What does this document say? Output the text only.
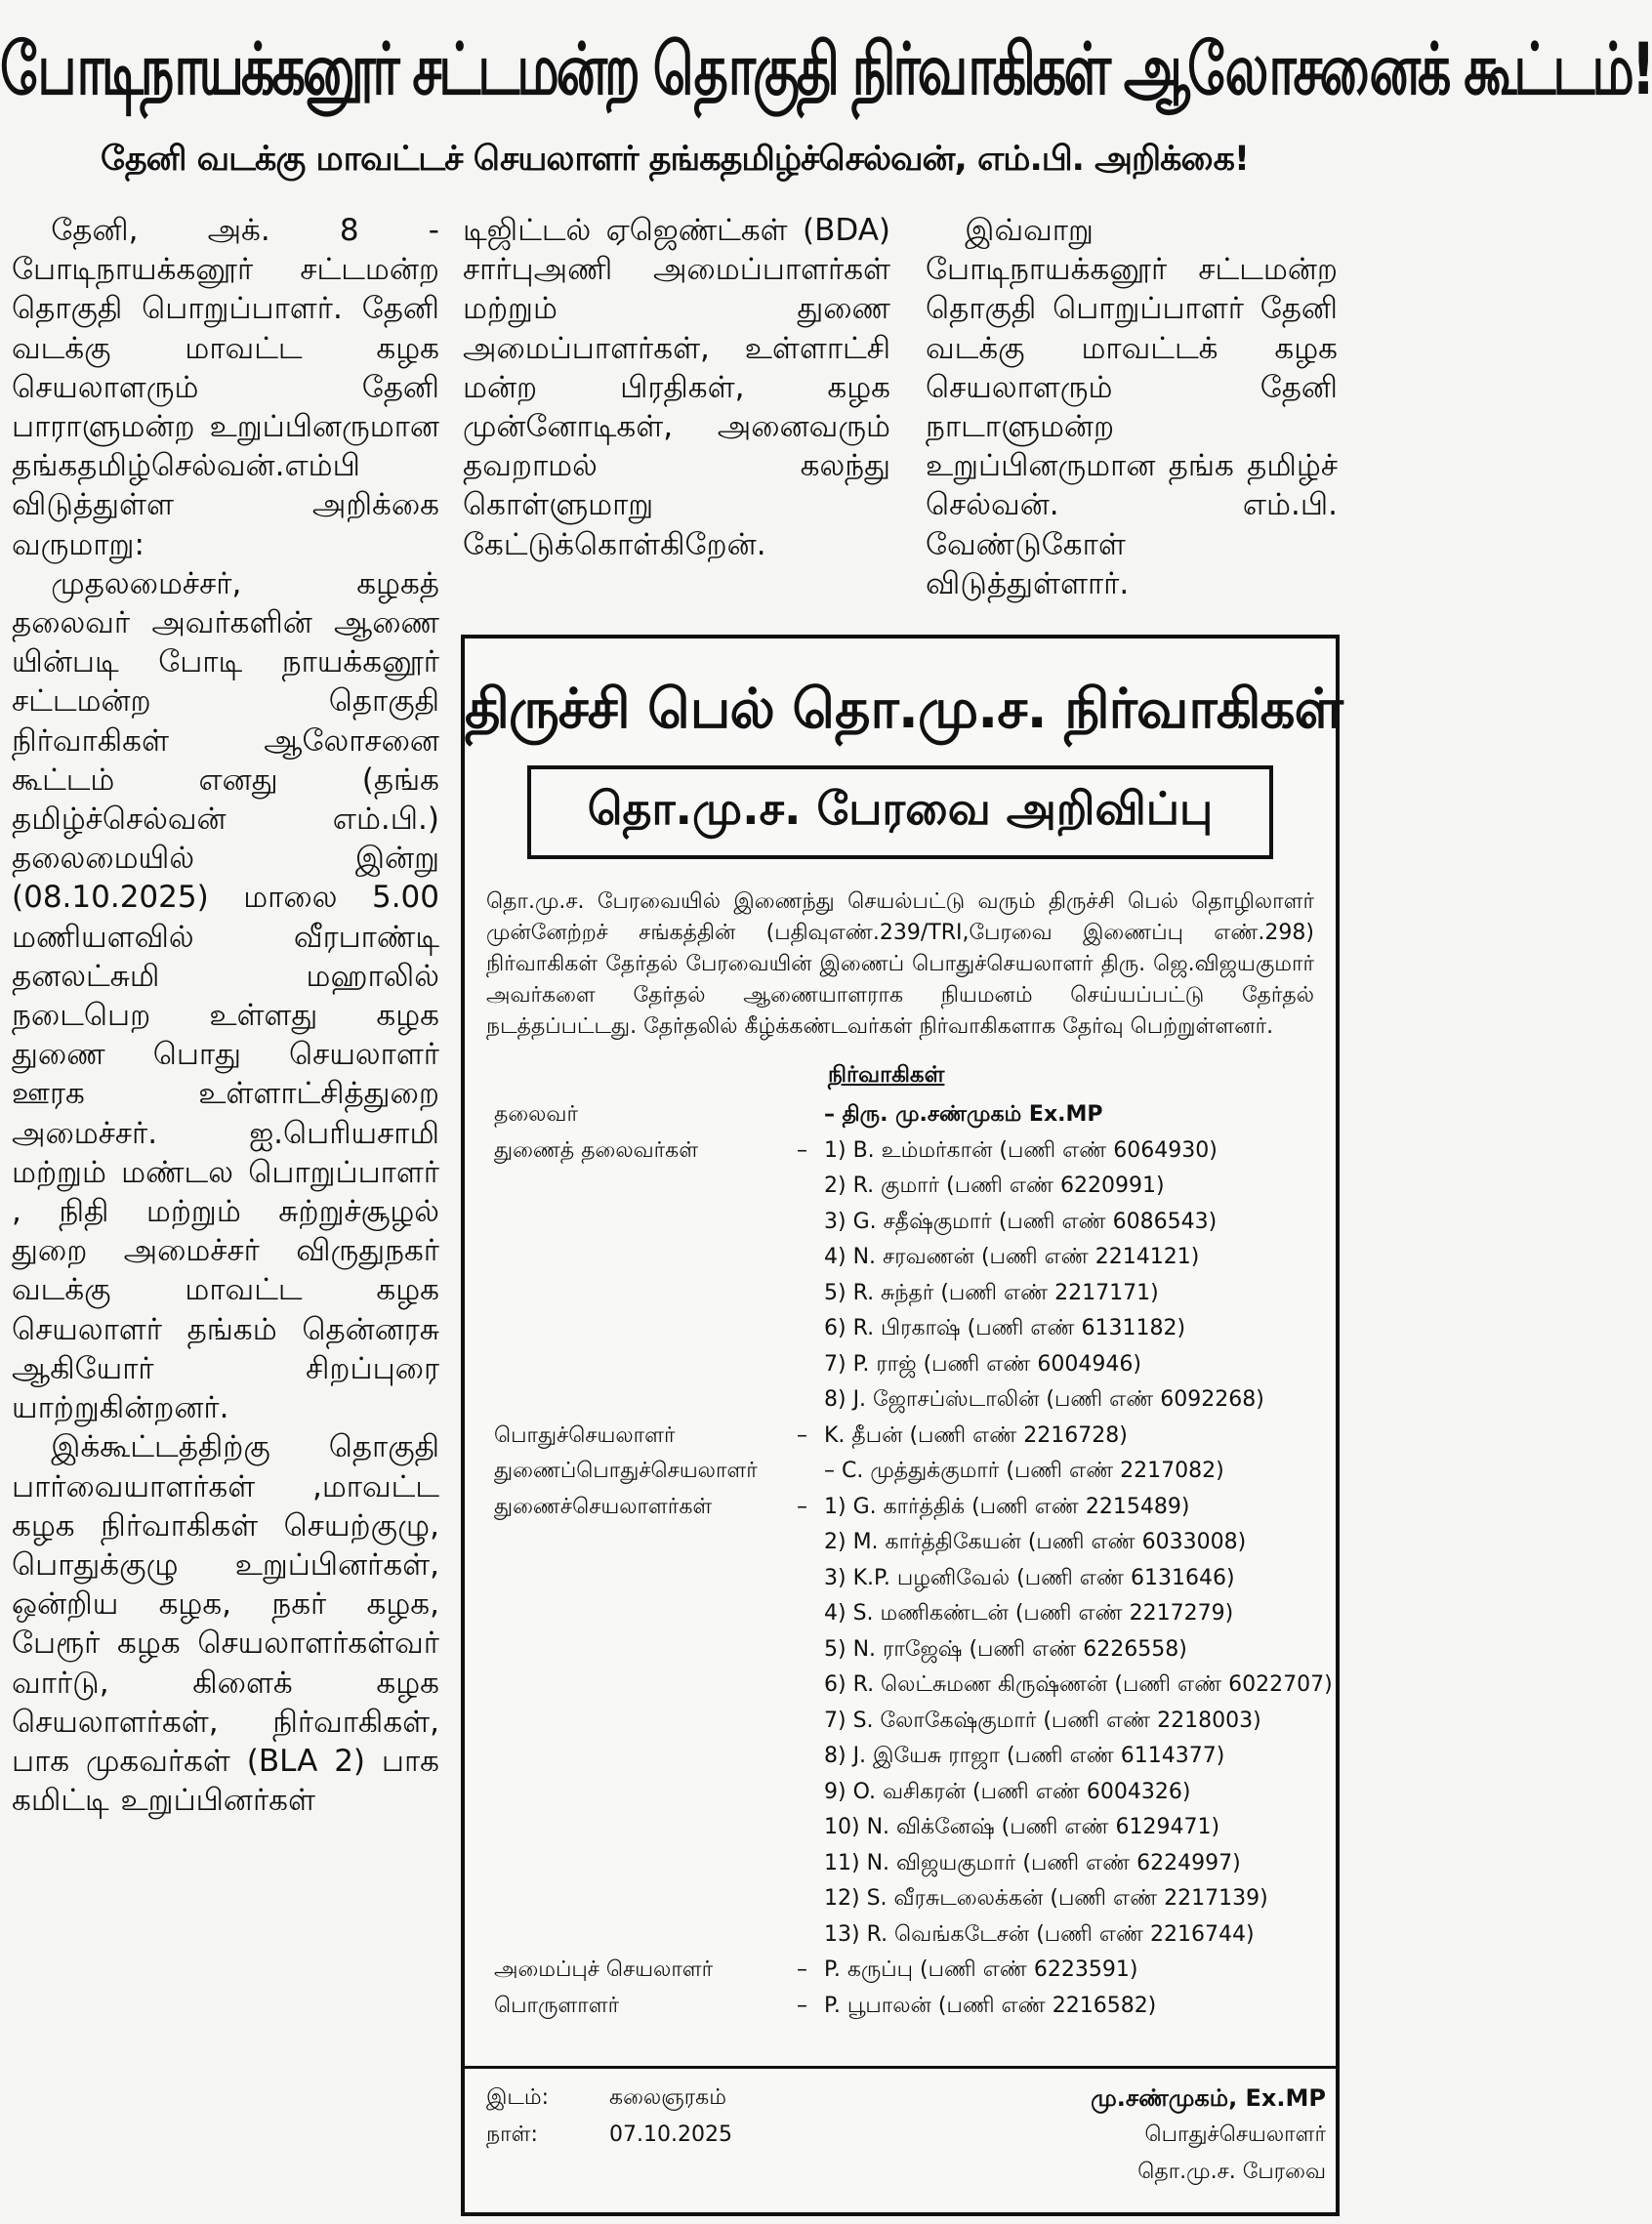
போடிநாயக்கனூர் சட்டமன்ற தொகுதி நிர்வாகிகள் ஆலோசனைக் கூட்டம்!
தேனி வடக்கு மாவட்டச் செயலாளர் தங்கதமிழ்ச்செல்வன், எம்.பி. அறிக்கை!

தேனி, அக். 8 - போடிநாயக்கனூர் சட்டமன்ற தொகுதி பொறுப்பாளர். தேனி வடக்கு மாவட்ட கழக செயலாளரும் தேனி பாராளுமன்ற உறுப்பினருமான தங்கதமிழ்செல்வன்.எம்பி விடுத்துள்ள அறிக்கை வருமாறு:

முதலமைச்சர், கழகத் தலைவர் அவர்களின் ஆணை யின்படி போடி நாயக்கனூர் சட்டமன்ற தொகுதி நிர்வாகிகள் ஆலோசனை கூட்டம் எனது (தங்க தமிழ்ச்செல்வன் எம்.பி.) தலைமையில் இன்று (08.10.2025) மாலை 5.00 மணியளவில் வீரபாண்டி தனலட்சுமி மஹாலில் நடைபெற உள்ளது கழக துணை பொது செயலாளர் ஊரக உள்ளாட்சித்துறை அமைச்சர். ஐ.பெரியசாமி மற்றும் மண்டல பொறுப்பாளர் , நிதி மற்றும் சுற்றுச்சூழல் துறை அமைச்சர் விருதுநகர் வடக்கு மாவட்ட கழக செயலாளர் தங்கம் தென்னரசு ஆகியோர் சிறப்புரை யாற்றுகின்றனர்.

இக்கூட்டத்திற்கு தொகுதி பார்வையாளர்கள் ,மாவட்ட கழக நிர்வாகிகள் செயற்குழு, பொதுக்குழு உறுப்பினர்கள், ஒன்றிய கழக, நகர் கழக, பேரூர் கழக செயலாளர்கள்வர் வார்டு, கிளைக் கழக செயலாளர்கள், நிர்வாகிகள், பாக முகவர்கள் (BLA 2) பாக கமிட்டி உறுப்பினர்கள்

டிஜிட்டல் ஏஜெண்ட்கள் (BDA) சார்புஅணி அமைப்பாளர்கள் மற்றும் துணை அமைப்பாளர்கள், உள்ளாட்சி மன்ற பிரதிகள், கழக முன்னோடிகள், அனைவரும் தவறாமல் கலந்து கொள்ளுமாறு கேட்டுக்கொள்கிறேன்.

இவ்வாறு போடிநாயக்கனூர் சட்டமன்ற தொகுதி பொறுப்பாளர் தேனி வடக்கு மாவட்டக் கழக செயலாளரும் தேனி நாடாளுமன்ற உறுப்பினருமான தங்க தமிழ்ச் செல்வன். எம்.பி. வேண்டுகோள் விடுத்துள்ளார்.

திருச்சி பெல் தொ.மு.ச. நிர்வாகிகள்
தொ.மு.ச. பேரவை அறிவிப்பு
தொ.மு.ச. பேரவையில் இணைந்து செயல்பட்டு வரும் திருச்சி பெல் தொழிலாளர் முன்னேற்றச் சங்கத்தின் (பதிவுஎண்.239/TRI,பேரவை இணைப்பு எண்.298) நிர்வாகிகள் தேர்தல் பேரவையின் இணைப் பொதுச்செயலாளர் திரு. ஜெ.விஜயகுமார் அவர்களை தேர்தல் ஆணையாளராக நியமனம் செய்யப்பட்டு தேர்தல் நடத்தப்பட்டது. தேர்தலில் கீழ்க்கண்டவர்கள் நிர்வாகிகளாக தேர்வு பெற்றுள்ளனர்.
நிர்வாகிகள்
தலைவர்	– திரு. மு.சண்முகம் Ex.MP
துணைத் தலைவர்கள்	– 1) B. உம்மர்கான் (பணி எண் 6064930)
2) R. குமார் (பணி எண் 6220991)
3) G. சதீஷ்குமார் (பணி எண் 6086543)
4) N. சரவணன் (பணி எண் 2214121)
5) R. சுந்தர் (பணி எண் 2217171)
6) R. பிரகாஷ் (பணி எண் 6131182)
7) P. ராஜ் (பணி எண் 6004946)
8) J. ஜோசப்ஸ்டாலின் (பணி எண் 6092268)
பொதுச்செயலாளர்	– K. தீபன் (பணி எண் 2216728)
துணைப்பொதுச்செயலாளர்	– C. முத்துக்குமார் (பணி எண் 2217082)
துணைச்செயலாளர்கள்	– 1) G. கார்த்திக் (பணி எண் 2215489)
2) M. கார்த்திகேயன் (பணி எண் 6033008)
3) K.P. பழனிவேல் (பணி எண் 6131646)
4) S. மணிகண்டன் (பணி எண் 2217279)
5) N. ராஜேஷ் (பணி எண் 6226558)
6) R. லெட்சுமண கிருஷ்ணன் (பணி எண் 6022707)
7) S. லோகேஷ்குமார் (பணி எண் 2218003)
8) J. இயேசு ராஜா (பணி எண் 6114377)
9) O. வசிகரன் (பணி எண் 6004326)
10) N. விக்னேஷ் (பணி எண் 6129471)
11) N. விஜயகுமார் (பணி எண் 6224997)
12) S. வீரசுடலைக்கன் (பணி எண் 2217139)
13) R. வெங்கடேசன் (பணி எண் 2216744)
அமைப்புச் செயலாளர்	– P. கருப்பு (பணி எண் 6223591)
பொருளாளர்	– P. பூபாலன் (பணி எண் 2216582)
இடம்:	கலைஞரகம்	மு.சண்முகம், Ex.MP
நாள்:	07.10.2025	பொதுச்செயலாளர்
தொ.மு.ச. பேரவை
